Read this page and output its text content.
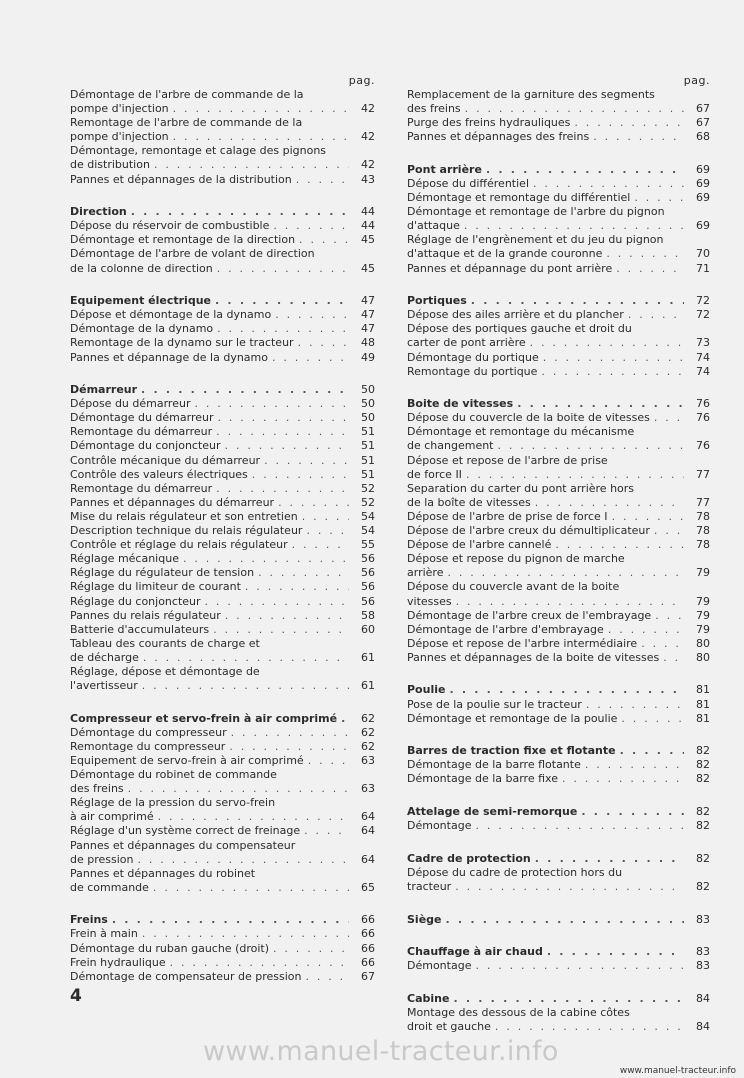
pag.
Démontage de l'arbre de commande de la
pompe d'injection . . .	42
Remontage de l'arbre de commande de la
pompe d'injection . . .	42
Démontage, remontage et calage des pignons
de distribution . . .	42
Pannes et dépannages de la distribution . . .	43
Direction . . .	44
Dépose du réservoir de combustible . . .	44
Démontage et remontage de la direction . . .	45
Démontage de l'arbre de volant de direction
de la colonne de direction . . .	45
Equipement électrique . . .	47
Dépose et démontage de la dynamo . . .	47
Démontage de la dynamo . . .	47
Remontage de la dynamo sur le tracteur . . .	48
Pannes et dépannage de la dynamo . . .	49
Démarreur . . .	50
Dépose du démarreur . . .	50
Démontage du démarreur . . .	50
Remontage du démarreur . . .	51
Démontage du conjoncteur . . .	51
Contrôle mécanique du démarreur . . .	51
Contrôle des valeurs électriques . . .	51
Remontage du démarreur . . .	52
Pannes et dépannages du démarreur . . .	52
Mise du relais régulateur et son entretien . . .	54
Description technique du relais régulateur . . .	54
Contrôle et réglage du relais régulateur . . .	55
Réglage mécanique . . .	56
Réglage du régulateur de tension . . .	56
Réglage du limiteur de courant . . .	56
Réglage du conjoncteur . . .	56
Pannes du relais régulateur . . .	58
Batterie d'accumulateurs . . .	60
Tableau des courants de charge et
de décharge . . .	61
Réglage, dépose et démontage de
l'avertisseur . . .	61
Compresseur et servo-frein à air comprimé . . .	62
Démontage du compresseur . . .	62
Remontage du compresseur . . .	62
Equipement de servo-frein à air comprimé . . .	63
Démontage du robinet de commande
des freins . . .	63
Réglage de la pression du servo-frein
à air comprimé . . .	64
Réglage d'un système correct de freinage . . .	64
Pannes et dépannages du compensateur
de pression . . .	64
Pannes et dépannages du robinet
de commande . . .	65
Freins . . .	66
Frein à main . . .	66
Démontage du ruban gauche (droit) . . .	66
Frein hydraulique . . .	66
Démontage de compensateur de pression . . .	67
pag.
Remplacement de la garniture des segments
des freins . . .	67
Purge des freins hydrauliques . . .	67
Pannes et dépannages des freins . . .	68
Pont arrière . . .	69
Dépose du différentiel . . .	69
Démontage et remontage du différentiel . . .	69
Démontage et remontage de l'arbre du pignon
d'attaque . . .	69
Réglage de l'engrènement et du jeu du pignon
d'attaque et de la grande couronne . . .	70
Pannes et dépannage du pont arrière . . .	71
Portiques . . .	72
Dépose des ailes arrière et du plancher . . .	72
Dépose des portiques gauche et droit du
carter de pont arrière . . .	73
Démontage du portique . . .	74
Remontage du portique . . .	74
Boite de vitesses . . .	76
Dépose du couvercle de la boite de vitesses . . .	76
Démontage et remontage du mécanisme
de changement . . .	76
Dépose et repose de l'arbre de prise
de force II . . .	77
Separation du carter du pont arrière hors
de la boîte de vitesses . . .	77
Dépose de l'arbre de prise de force I . . .	78
Dépose de l'arbre creux du démultiplicateur . . .	78
Dépose de l'arbre cannelé . . .	78
Dépose et repose du pignon de marche
arrière . . .	79
Dépose du couvercle avant de la boite
vitesses . . .	79
Démontage de l'arbre creux de l'embrayage . . .	79
Démontage de l'arbre d'embrayage . . .	79
Dépose et repose de l'arbre intermédiaire . . .	80
Pannes et dépannages de la boite de vitesses . . .	80
Poulie . . .	81
Pose de la poulie sur le tracteur . . .	81
Démontage et remontage de la poulie . . .	81
Barres de traction fixe et flotante . . .	82
Démontage de la barre flotante . . .	82
Démontage de la barre fixe . . .	82
Attelage de semi-remorque . . .	82
Démontage . . .	82
Cadre de protection . . .	82
Dépose du cadre de protection hors du
tracteur . . .	82
Siège . . .	83
Chauffage à air chaud . . .	83
Démontage . . .	83
Cabine . . .	84
Montage des dessous de la cabine côtes
droit et gauche . . .	84
4
www.manuel-tracteur.info
www.manuel-tracteur.info
